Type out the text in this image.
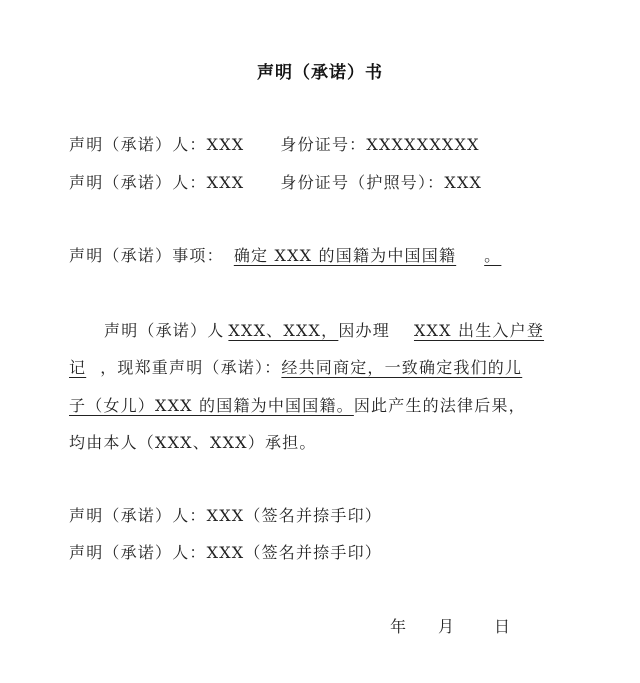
声明（承诺）书
声明（承诺）人：XXX 身份证号：XXXXXXXXX
声明（承诺）人：XXX 身份证号（护照号）：XXX
声明（承诺）事项： 确定 XXX 的国籍为中国国籍 。
声明（承诺）人 XXX、XXX，因办理 XXX 出生入户登
记 ，现郑重声明（承诺）：经共同商定，一致确定我们的儿
子（女儿）XXX 的国籍为中国国籍。因此产生的法律后果，
均由本人（XXX、XXX）承担。
声明（承诺）人：XXX（签名并捺手印）
声明（承诺）人：XXX（签名并捺手印）
年 月	日
